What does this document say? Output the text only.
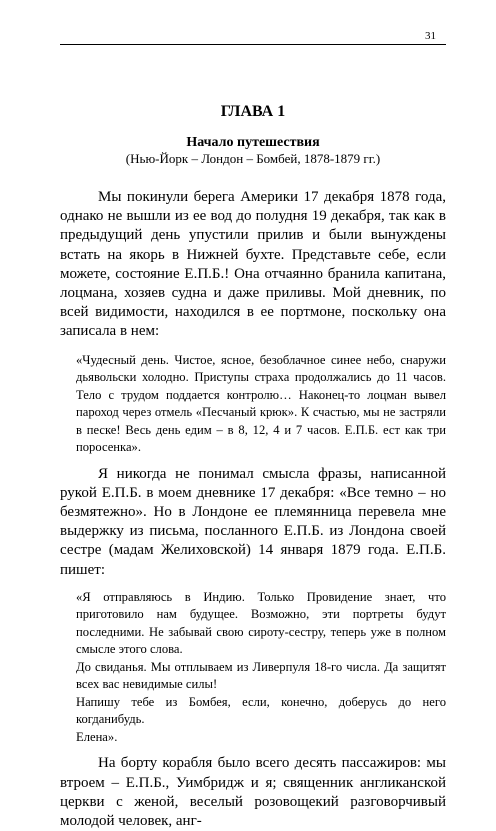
31
ГЛАВА 1
Начало путешествия
(Нью-Йорк – Лондон – Бомбей, 1878-1879 гг.)

Мы покинули берега Америки 17 декабря 1878 года, однако не вышли из ее вод до полудня 19 декабря, так как в предыдущий день упустили прилив и были вынуждены встать на якорь в Нижней бухте. Представьте себе, если можете, состояние Е.П.Б.! Она отчаянно бранила капитана, лоцмана, хозяев судна и даже приливы. Мой дневник, по всей видимости, находился в ее портмоне, поскольку она записала в нем:

«Чудесный день. Чистое, ясное, безоблачное синее небо, снаружи дьявольски холодно. Приступы страха продолжались до 11 часов. Тело с трудом поддается контролю… Наконец-то лоцман вывел пароход через отмель «Песчаный крюк». К счастью, мы не застряли в песке! Весь день едим – в 8, 12, 4 и 7 часов. Е.П.Б. ест как три поросенка».

Я никогда не понимал смысла фразы, написанной рукой Е.П.Б. в моем дневнике 17 декабря: «Все темно – но безмятежно». Но в Лондоне ее племянница перевела мне выдержку из письма, посланного Е.П.Б. из Лондона своей сестре (мадам Желиховской) 14 января 1879 года. Е.П.Б. пишет:

«Я отправляюсь в Индию. Только Провидение знает, что приготовило нам будущее. Возможно, эти портреты будут последними. Не забывай свою сироту-сестру, теперь уже в полном смысле этого слова.

До свиданья. Мы отплываем из Ливерпуля 18-го числа. Да защитят всех вас невидимые силы!

Напишу тебе из Бомбея, если, конечно, доберусь до него когданибудь.

Елена».

На борту корабля было всего десять пассажиров: мы втроем – Е.П.Б., Уимбридж и я; священник англиканской церкви с женой, веселый розовощекий разговорчивый молодой человек, анг-
